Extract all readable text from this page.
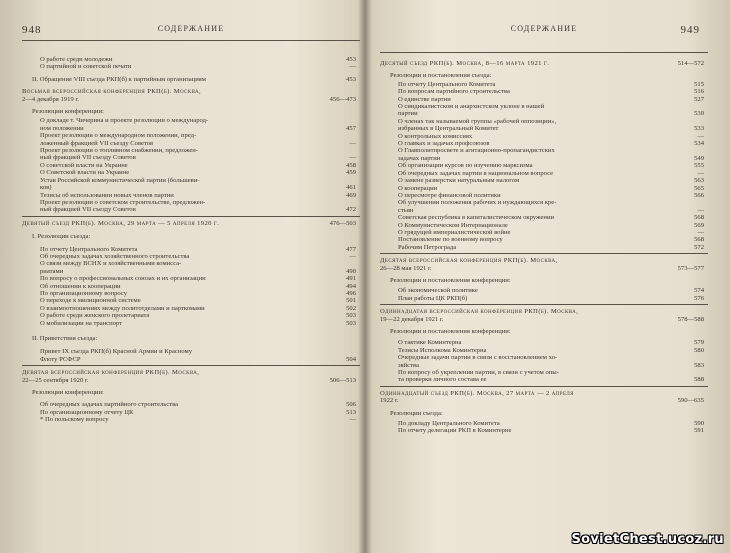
948	СОДЕРЖАНИЕ
О работе среди молодежи	453
О партийной и советской печати	—
II. Обращение VIII съезда РКП(б) к партийным организациям	453
Восьмая всероссийская конференция РКП(б). Москва,
2—4 декабря 1919 г.	456—473
Резолюции конференции:
О докладе т. Чичерина и проекте резолюции о международ-
ном положении	457
Проект резолюции о международном положении, пред-
ложенный фракцией VII съезду Советов	—
Проект резолюции о топливном снабжении, предложен-
ный фракцией VII съезду Советов	—
О советской власти на Украине	458
О Советской власти на Украине	459
Устав Российской коммунистической партии (большеви-
ков)	461
Тезисы об использовании новых членов партии	469
Проект резолюции о советском строительстве, предложен-
ный фракцией VII съезду Советов	472
Девятый съезд РКП(б). Москва, 29 марта — 5 апреля 1920 г.	476—503
I. Резолюции съезда:
По отчету Центрального Комитета	477
Об очередных задачах хозяйственного строительства	—
О связи между ВСНХ и хозяйственными комисса-
риатами	490
По вопросу о профессиональных союзах и их организации	491
Об отношении к кооперации	494
По организационному вопросу	496
О переходе к милиционной системе	501
О взаимоотношениях между политотделами и парткомами	502
О работе среди женского пролетариата	503
О мобилизации на транспорт	503
II. Приветствия съезда:
Привет IX съезда РКП(б) Красной Армии и Красному
Флоту РСФСР	504
Девятая всероссийская конференция РКП(б). Москва,
22—25 сентября 1920 г.	506—513
Резолюции конференции:
Об очередных задачах партийного строительства	506
По организационному отчету ЦК	513
* По польскому вопросу	—
СОДЕРЖАНИЕ	949
Десятый съезд РКП(б). Москва, 8—16 марта 1921 г.	514—572
Резолюции и постановления съезда:
По отчету Центрального Комитета	515
По вопросам партийного строительства	516
О единстве партии	527
О синдикалистском и анархистском уклоне в нашей
партии	530
О членах так называемой группы «рабочей оппозиции»,
избранных в Центральный Комитет	533
О контрольных комиссиях	—
О главках и задачах профсоюзов	534
О Главполитпросвете и агитационно-пропагандистских
задачах партии	549
Об организации курсов по изучению марксизма	555
Об очередных задачах партии в национальном вопросе	—
О замене разверстки натуральным налогом	563
О кооперации	565
О пересмотре финансовой политики	566
Об улучшении положения рабочих и нуждающихся кре-
стьян	—
Советская республика в капиталистическом окружении	568
О Коммунистическом Интернационале	569
О грядущей империалистической войне	—
Постановление по военному вопросу	568
Рабочим Петрограда	572
Десятая всероссийская конференция РКП(б). Москва,
26—28 мая 1921 г.	573—577
Резолюции и постановления конференции:
Об экономической политике	574
План работы ЦК РКП(б)	576
Одиннадцатая всероссийская конференция РКП(б). Москва,
19—22 декабря 1921 г.	578—588
Резолюции и постановления конференции:
О тактике Коминтерна	579
Тезисы Исполкома Коминтерна	580
Очередные задачи партии в связи с восстановлением хо-
зяйства	583
По вопросу об укреплении партии, в связи с учетом опы-
та проверки личного состава ее	588
Одиннадцатый съезд РКП(б). Москва, 27 марта — 2 апреля
1922 г.	590—635
Резолюции съезда:
По докладу Центрального Комитета	590
По отчету делегации РКП в Коминтерне	591
SovietChest.ucoz.ru
